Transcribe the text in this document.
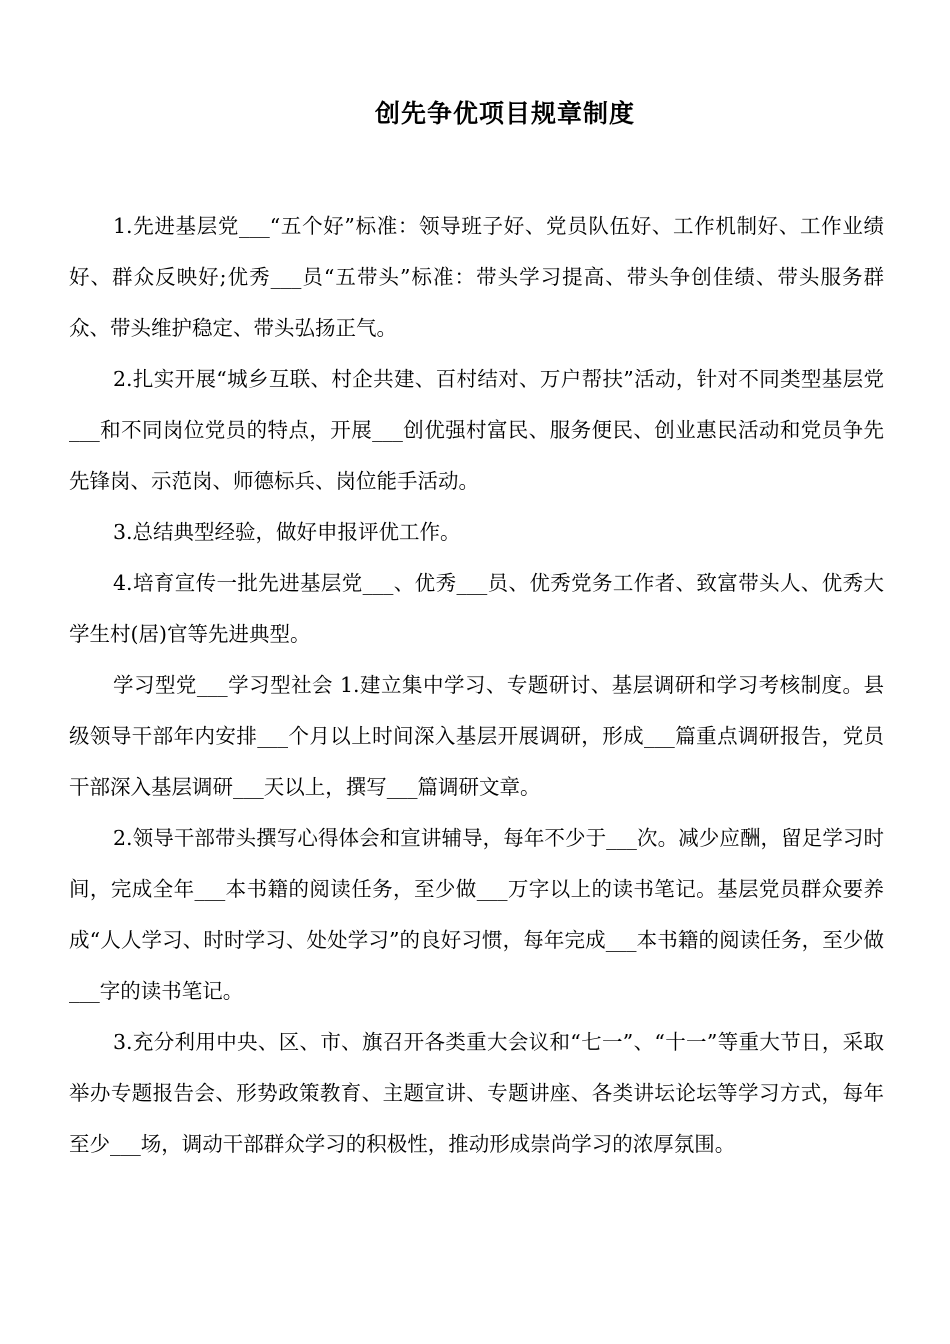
创先争优项目规章制度

1.先进基层党___“五个好”标准：领导班子好、党员队伍好、工作机制好、工作业绩好、群众反映好;优秀___员“五带头”标准：带头学习提高、带头争创佳绩、带头服务群众、带头维护稳定、带头弘扬正气。

2.扎实开展“城乡互联、村企共建、百村结对、万户帮扶”活动，针对不同类型基层党___和不同岗位党员的特点，开展___创优强村富民、服务便民、创业惠民活动和党员争先先锋岗、示范岗、师德标兵、岗位能手活动。

3.总结典型经验，做好申报评优工作。

4.培育宣传一批先进基层党___、优秀___员、优秀党务工作者、致富带头人、优秀大学生村(居)官等先进典型。

学习型党___学习型社会 1.建立集中学习、专题研讨、基层调研和学习考核制度。县级领导干部年内安排___个月以上时间深入基层开展调研，形成___篇重点调研报告，党员干部深入基层调研___天以上，撰写___篇调研文章。

2.领导干部带头撰写心得体会和宣讲辅导，每年不少于___次。减少应酬，留足学习时间，完成全年___本书籍的阅读任务，至少做___万字以上的读书笔记。基层党员群众要养成“人人学习、时时学习、处处学习”的良好习惯，每年完成___本书籍的阅读任务，至少做___字的读书笔记。

3.充分利用中央、区、市、旗召开各类重大会议和“七一”、“十一”等重大节日，采取举办专题报告会、形势政策教育、主题宣讲、专题讲座、各类讲坛论坛等学习方式，每年至少___场，调动干部群众学习的积极性，推动形成崇尚学习的浓厚氛围。
